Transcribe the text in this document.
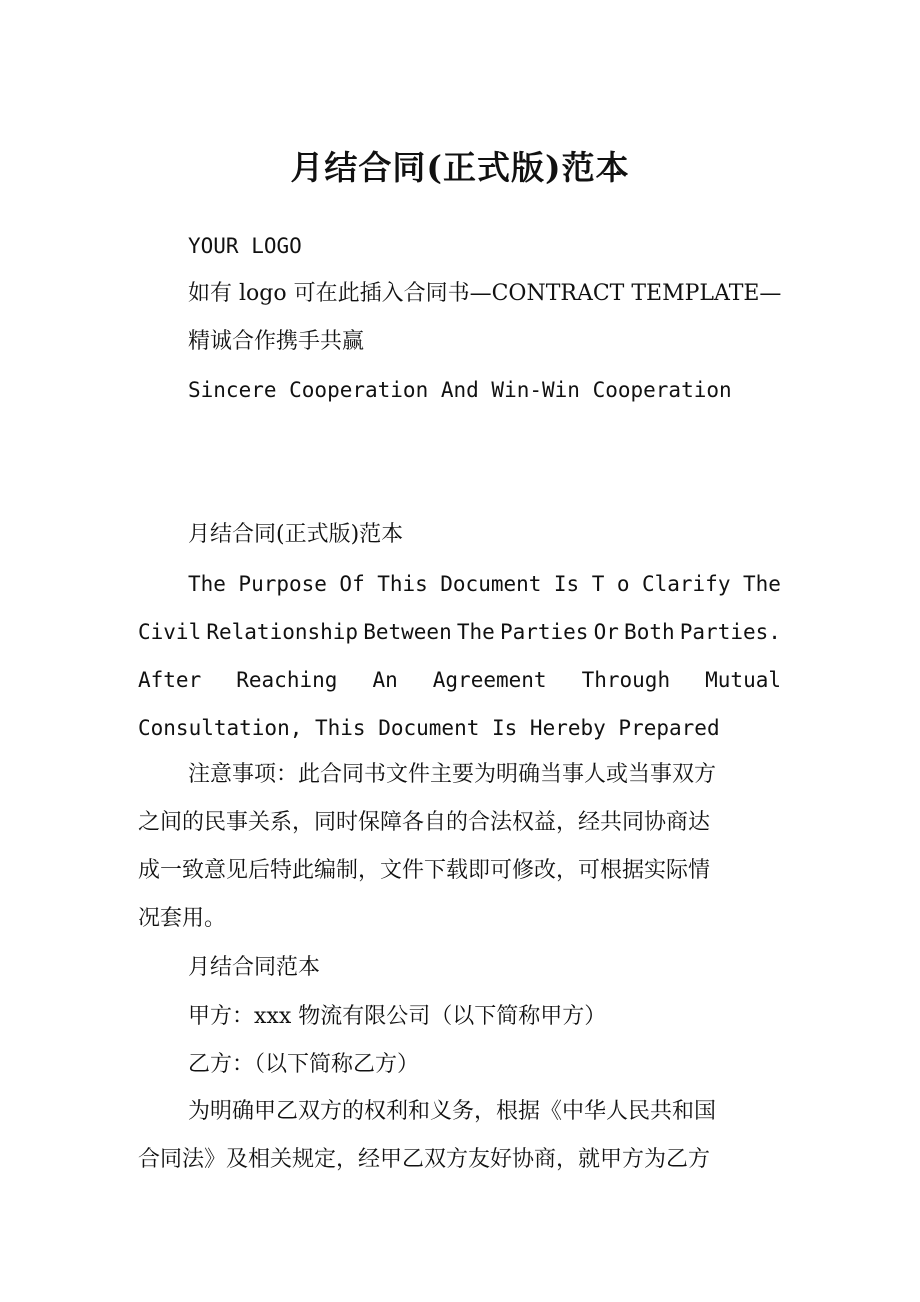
月结合同(正式版)范本
YOUR LOGO
如有 logo 可在此插入合同书—CONTRACT TEMPLATE—
精诚合作携手共赢
Sincere Cooperation And Win-Win Cooperation
月结合同(正式版)范本
The Purpose Of This Document Is T o Clarify The
Civil Relationship Between The Parties Or Both Parties.
After Reaching An Agreement Through Mutual
Consultation, This Document Is Hereby Prepared
注意事项：此合同书文件主要为明确当事人或当事双方
之间的民事关系，同时保障各自的合法权益，经共同协商达
成一致意见后特此编制，文件下载即可修改，可根据实际情
况套用。
月结合同范本
甲方：xxx 物流有限公司（以下简称甲方）
乙方：（以下简称乙方）
为明确甲乙双方的权利和义务，根据《中华人民共和国
合同法》及相关规定，经甲乙双方友好协商，就甲方为乙方
